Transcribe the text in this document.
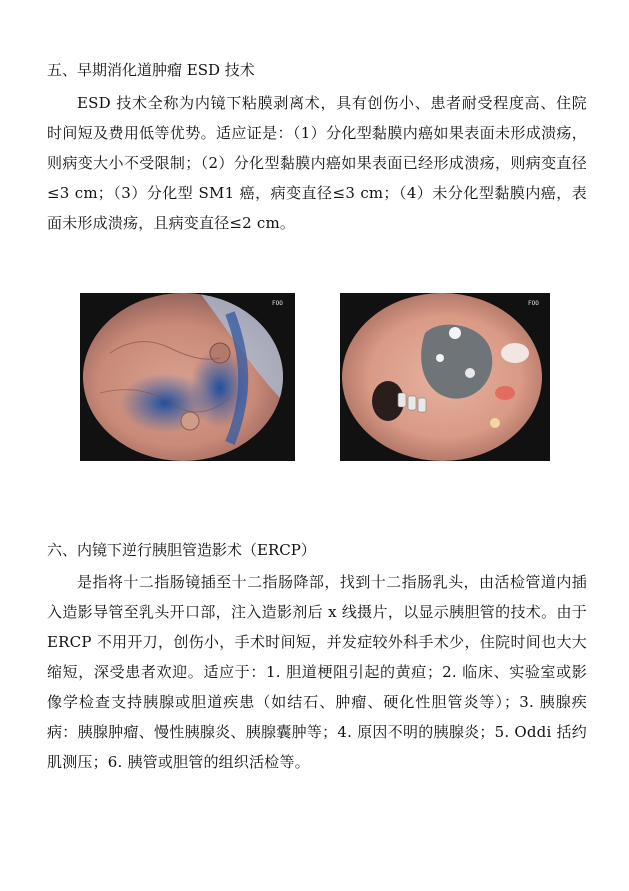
五、早期消化道肿瘤 ESD 技术

ESD 技术全称为内镜下粘膜剥离术，具有创伤小、患者耐受程度高、住院时间短及费用低等优势。适应证是：（1）分化型黏膜内癌如果表面未形成溃疡，则病变大小不受限制；（2）分化型黏膜内癌如果表面已经形成溃疡，则病变直径≤3 cm；（3）分化型 SM1 癌，病变直径≤3 cm；（4）未分化型黏膜内癌，表面未形成溃疡，且病变直径≤2 cm。

FOO	FOO
六、内镜下逆行胰胆管造影术（ERCP）

是指将十二指肠镜插至十二指肠降部，找到十二指肠乳头，由活检管道内插入造影导管至乳头开口部，注入造影剂后 x 线摄片，以显示胰胆管的技术。由于 ERCP 不用开刀，创伤小，手术时间短，并发症较外科手术少，住院时间也大大缩短，深受患者欢迎。适应于：1. 胆道梗阻引起的黄疸；2. 临床、实验室或影像学检查支持胰腺或胆道疾患（如结石、肿瘤、硬化性胆管炎等）；3. 胰腺疾病：胰腺肿瘤、慢性胰腺炎、胰腺囊肿等；4. 原因不明的胰腺炎；5. Oddi 括约肌测压；6. 胰管或胆管的组织活检等。
